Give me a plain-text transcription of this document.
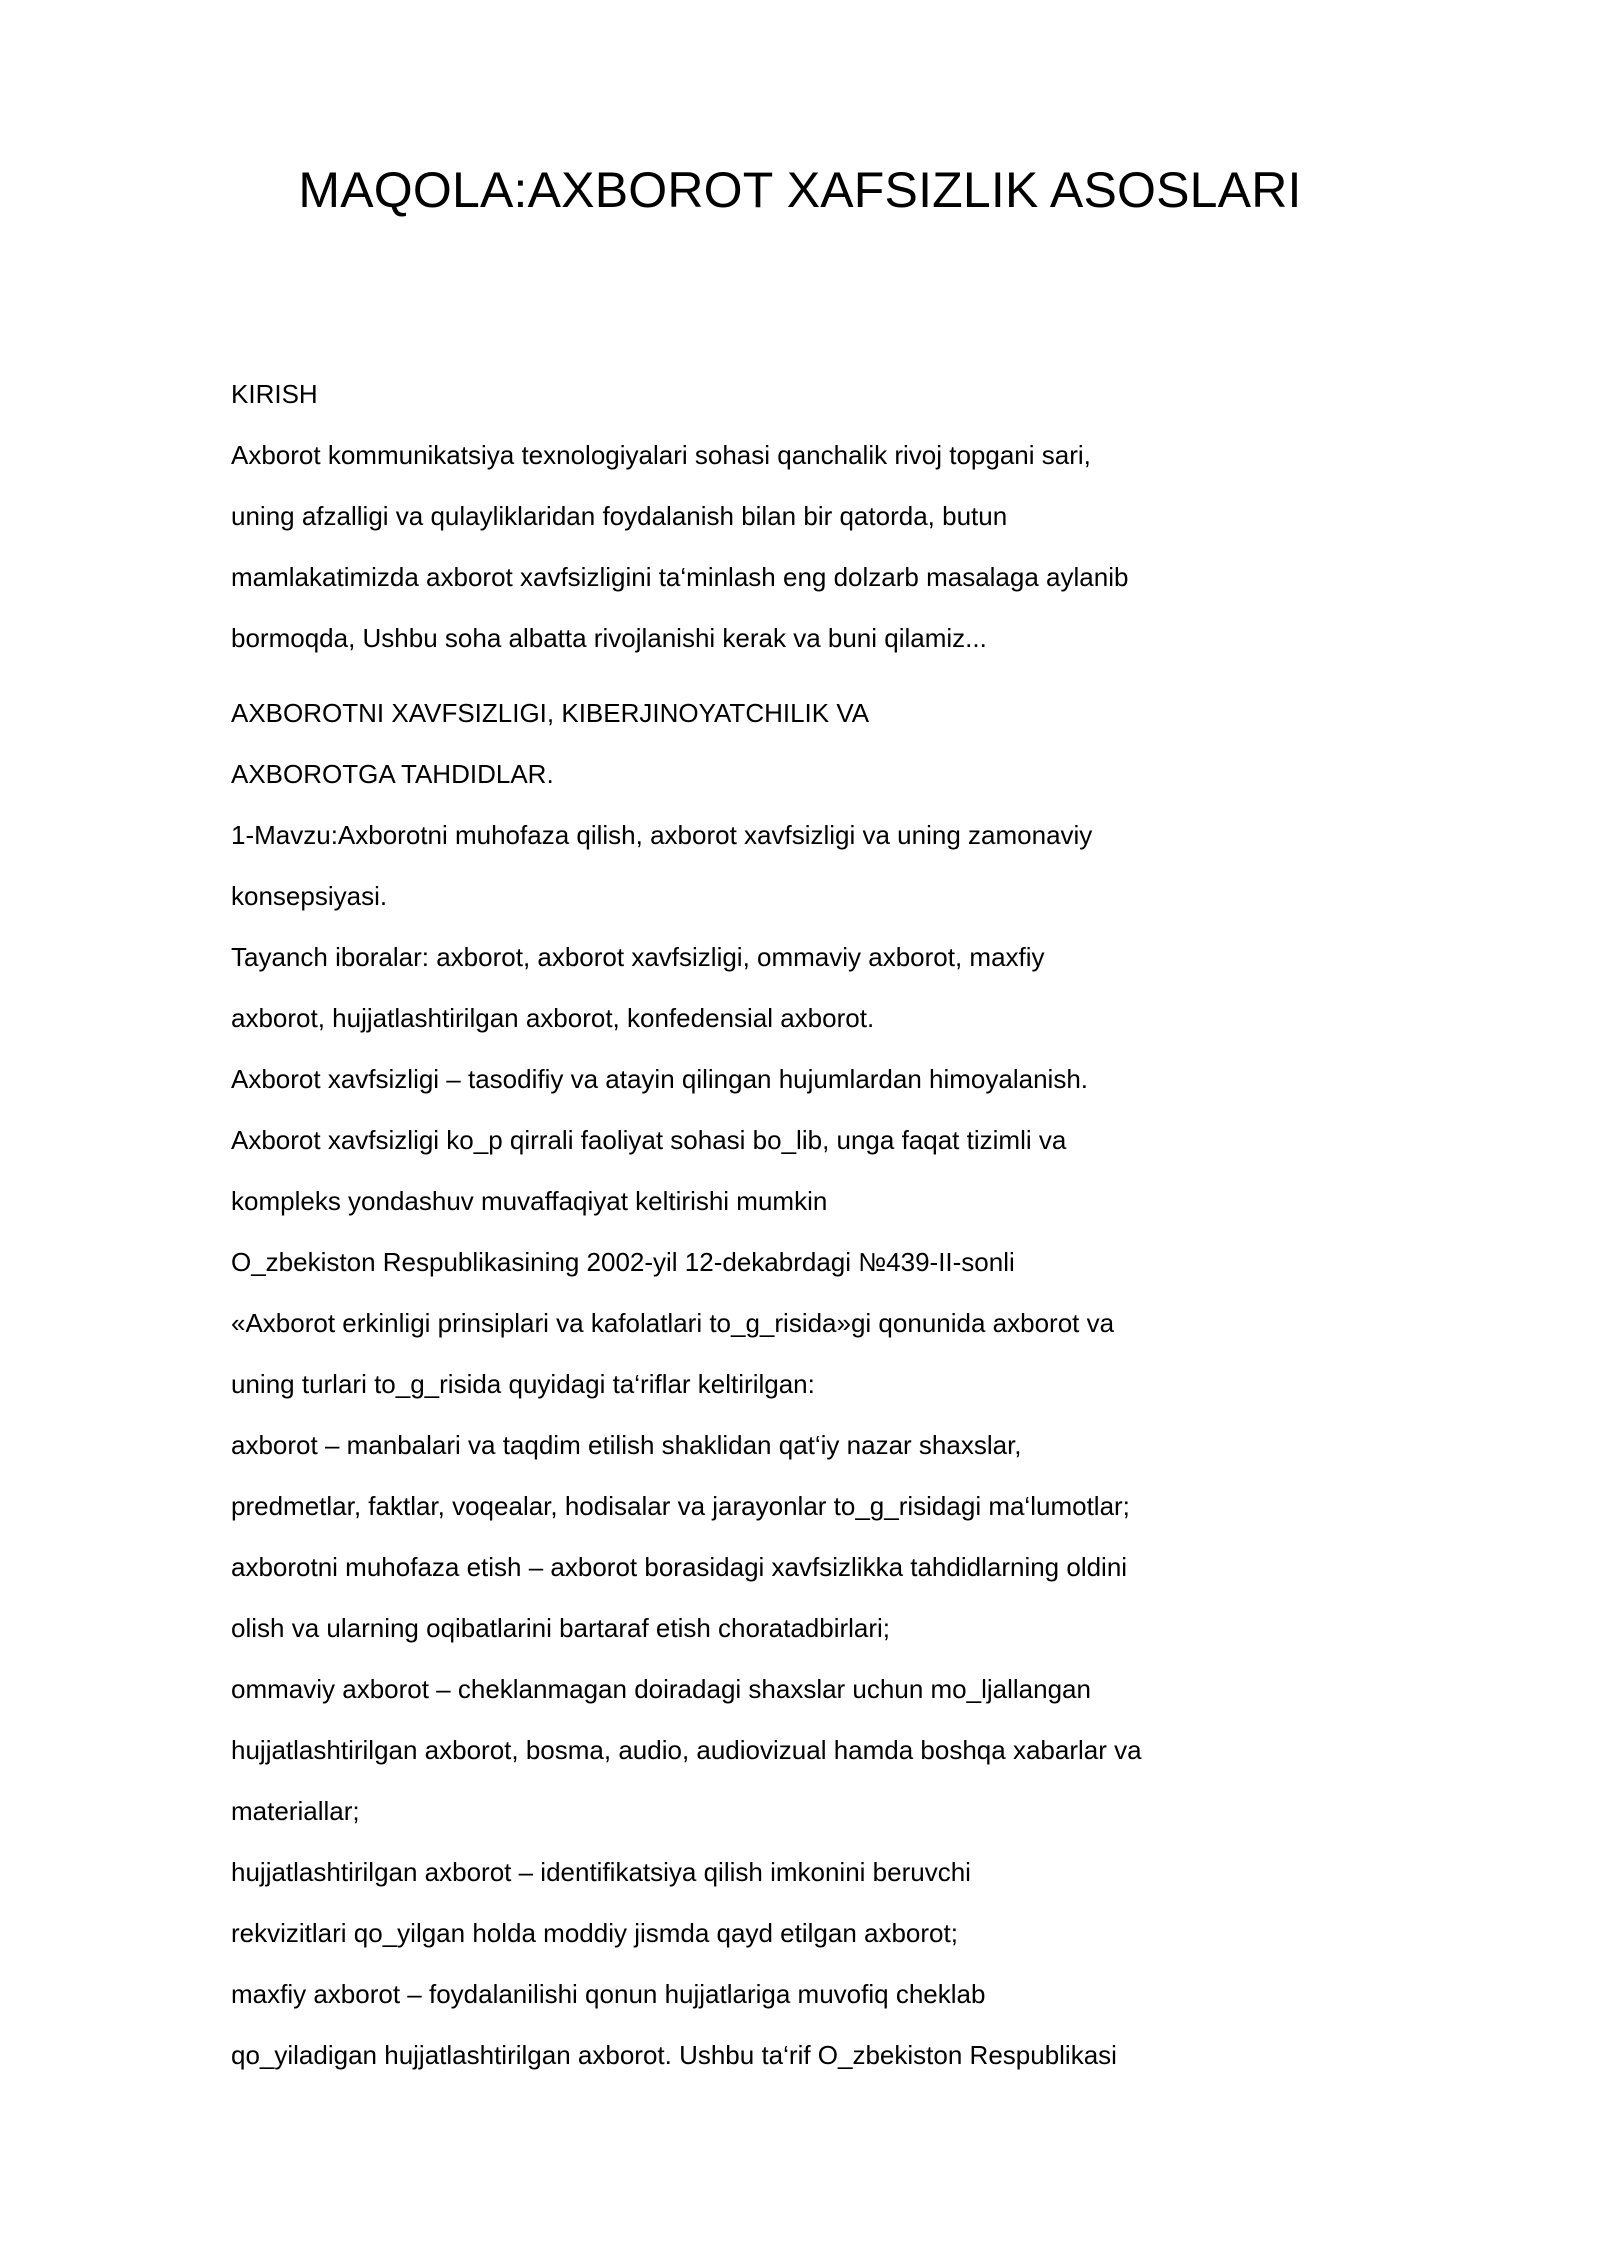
MAQOLA:AXBOROT XAFSIZLIK ASOSLARI

KIRISH

Axborot kommunikatsiya texnologiyalari sohasi qanchalik rivoj topgani sari,

uning afzalligi va qulayliklaridan foydalanish bilan bir qatorda, butun

mamlakatimizda axborot xavfsizligini ta‘minlash eng dolzarb masalaga aylanib

bormoqda, Ushbu soha albatta rivojlanishi kerak va buni qilamiz...

AXBOROTNI XAVFSIZLIGI, KIBERJINOYATCHILIK VA

AXBOROTGA TAHDIDLAR.

1-Mavzu:Axborotni muhofaza qilish, axborot xavfsizligi va uning zamonaviy

konsepsiyasi.

Tayanch iboralar: axborot, axborot xavfsizligi, ommaviy axborot, maxfiy

axborot, hujjatlashtirilgan axborot, konfedensial axborot.

Axborot xavfsizligi – tasodifiy va atayin qilingan hujumlardan himoyalanish.

Axborot xavfsizligi ko_p qirrali faoliyat sohasi bo_lib, unga faqat tizimli va

kompleks yondashuv muvaffaqiyat keltirishi mumkin

O_zbekiston Respublikasining 2002-yil 12-dekabrdagi №439-II-sonli

«Axborot erkinligi prinsiplari va kafolatlari to_g_risida»gi qonunida axborot va

uning turlari to_g_risida quyidagi ta‘riflar keltirilgan:

axborot – manbalari va taqdim etilish shaklidan qat‘iy nazar shaxslar,

predmetlar, faktlar, voqealar, hodisalar va jarayonlar to_g_risidagi ma‘lumotlar;

axborotni muhofaza etish – axborot borasidagi xavfsizlikka tahdidlarning oldini

olish va ularning oqibatlarini bartaraf etish choratadbirlari;

ommaviy axborot – cheklanmagan doiradagi shaxslar uchun mo_ljallangan

hujjatlashtirilgan axborot, bosma, audio, audiovizual hamda boshqa xabarlar va

materiallar;

hujjatlashtirilgan axborot – identifikatsiya qilish imkonini beruvchi

rekvizitlari qo_yilgan holda moddiy jismda qayd etilgan axborot;

maxfiy axborot – foydalanilishi qonun hujjatlariga muvofiq cheklab

qo_yiladigan hujjatlashtirilgan axborot. Ushbu ta‘rif O_zbekiston Respublikasi
